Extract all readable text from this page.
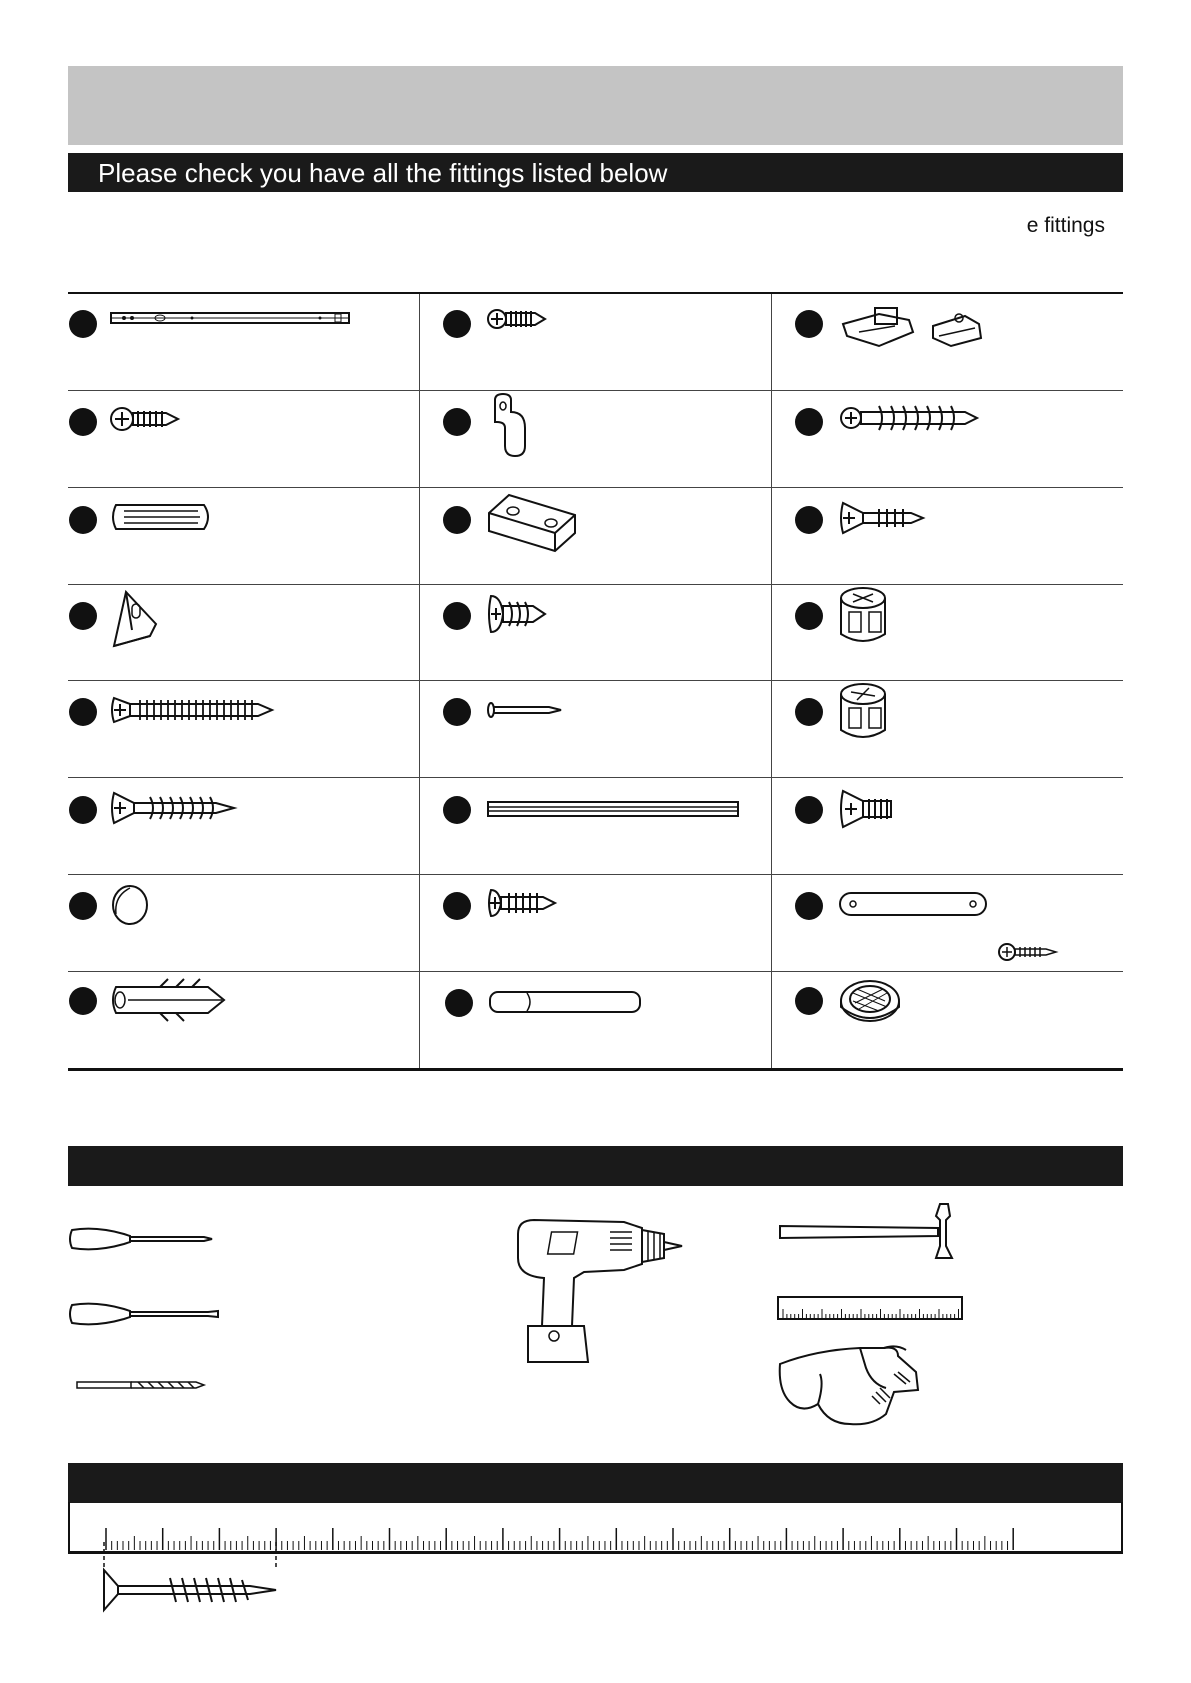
Please check you have all the fittings listed below
e fittings
